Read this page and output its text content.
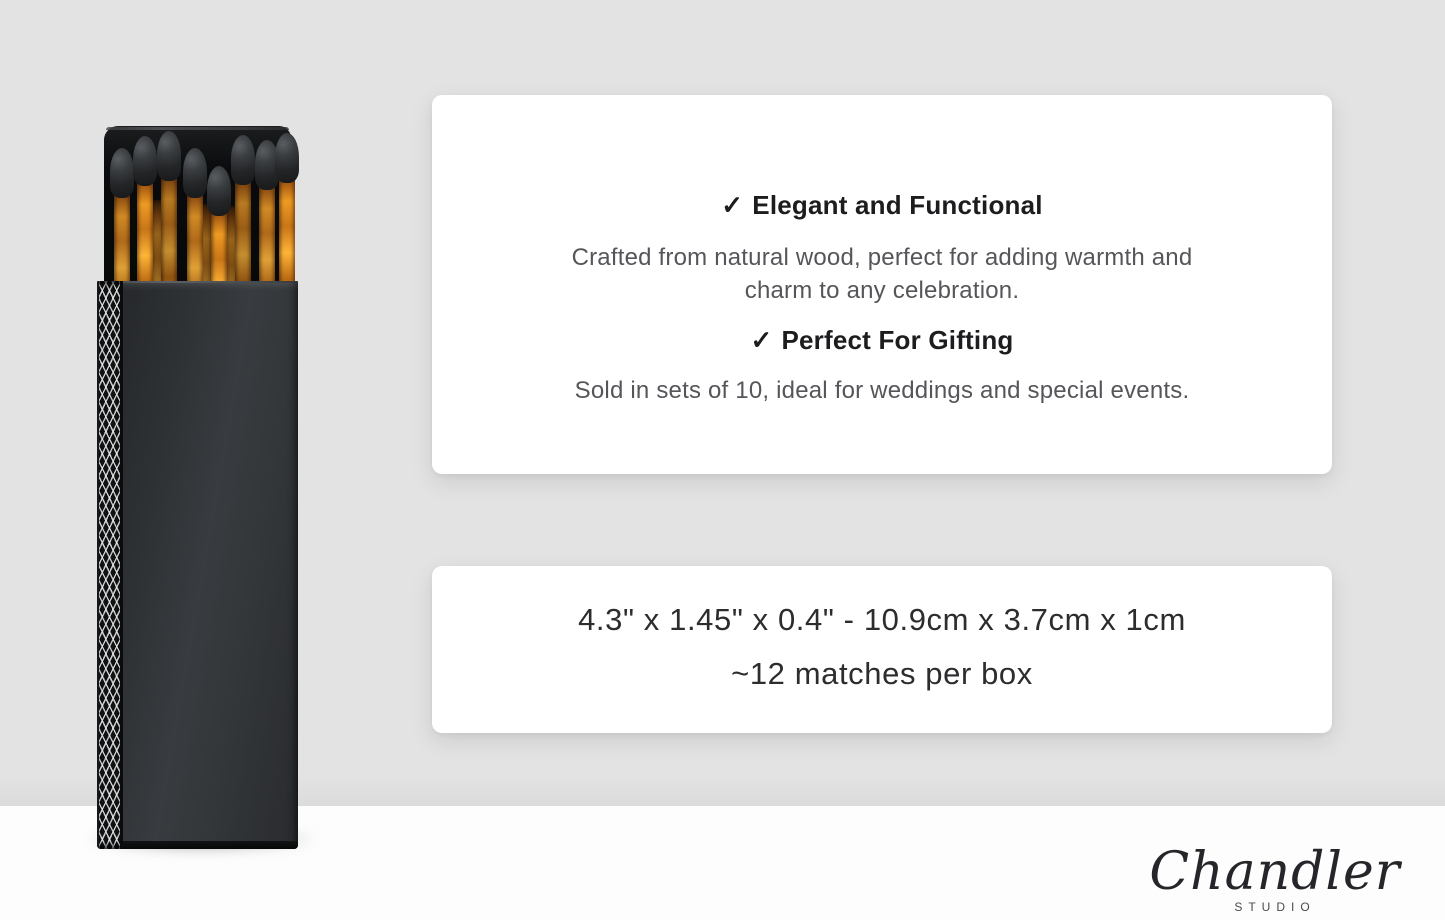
✓ Elegant and Functional
Crafted from natural wood, perfect for adding warmth and
charm to any celebration.
✓ Perfect For Gifting
Sold in sets of 10, ideal for weddings and special events.
4.3" x 1.45" x 0.4" - 10.9cm x 3.7cm x 1cm
~12 matches per box
Chandler
STUDIO
